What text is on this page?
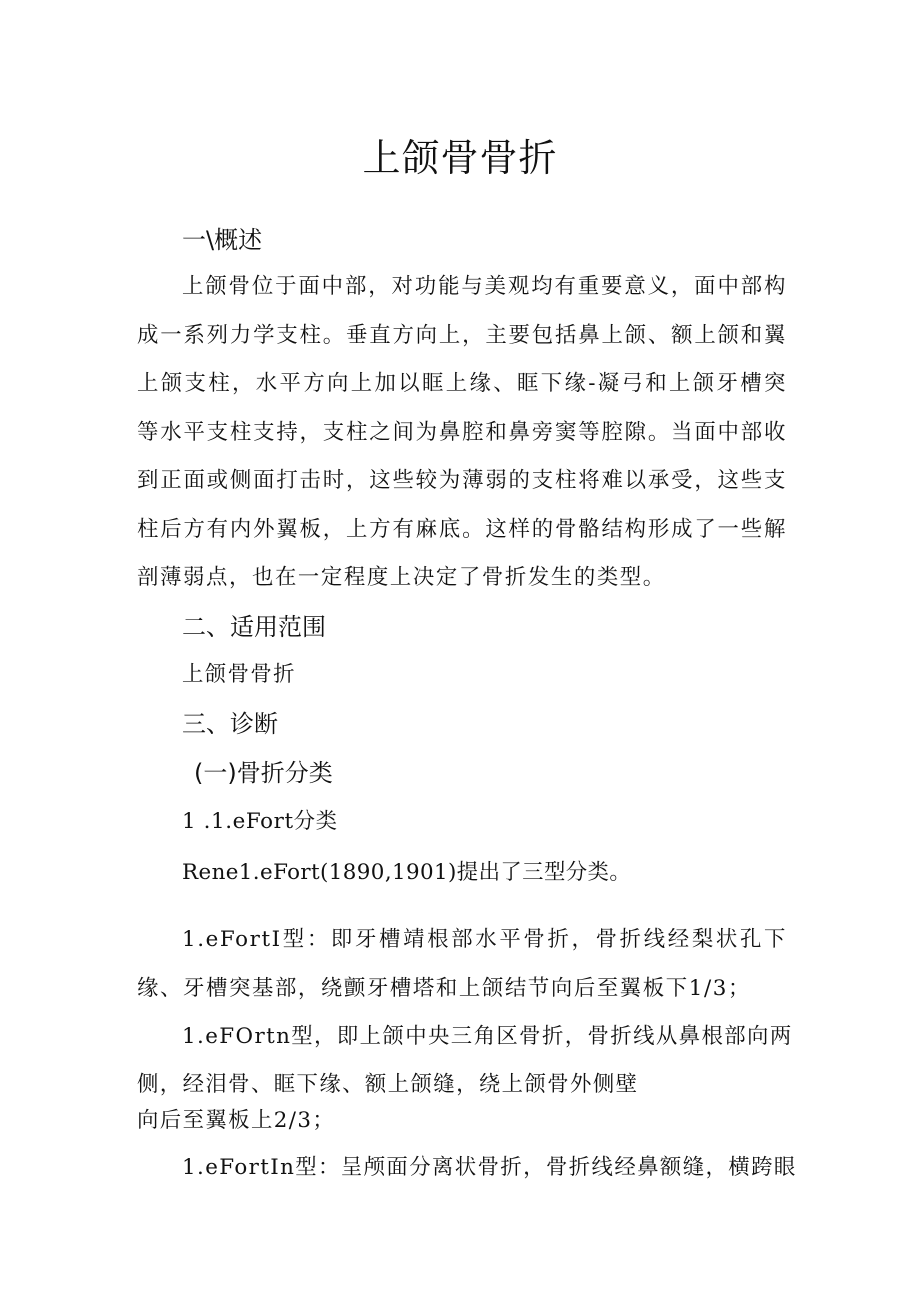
上颌骨骨折
一\概述

上颌骨位于面中部，对功能与美观均有重要意义，面中部构成一系列力学支柱。垂直方向上，主要包括鼻上颌、额上颌和翼上颌支柱，水平方向上加以眶上缘、眶下缘-凝弓和上颌牙槽突等水平支柱支持，支柱之间为鼻腔和鼻旁窦等腔隙。当面中部收到正面或侧面打击时，这些较为薄弱的支柱将难以承受，这些支柱后方有内外翼板，上方有麻底。这样的骨骼结构形成了一些解剖薄弱点，也在一定程度上决定了骨折发生的类型。

二、适用范围
上颌骨骨折
三、诊断
(一)骨折分类
1 .1.eFort分类
Rene1.eFort(1890,1901)提出了三型分类。

1.eFortI型：即牙槽靖根部水平骨折，骨折线经梨状孔下缘、牙槽突基部，绕颤牙槽塔和上颌结节向后至翼板下1/3；

1.eFOrtn型，即上颌中央三角区骨折，骨折线从鼻根部向两
侧，经泪骨、眶下缘、额上颌缝，绕上颌骨外侧壁
向后至翼板上2/3；
1.eFortIn型：呈颅面分离状骨折，骨折线经鼻额缝，横跨眼
